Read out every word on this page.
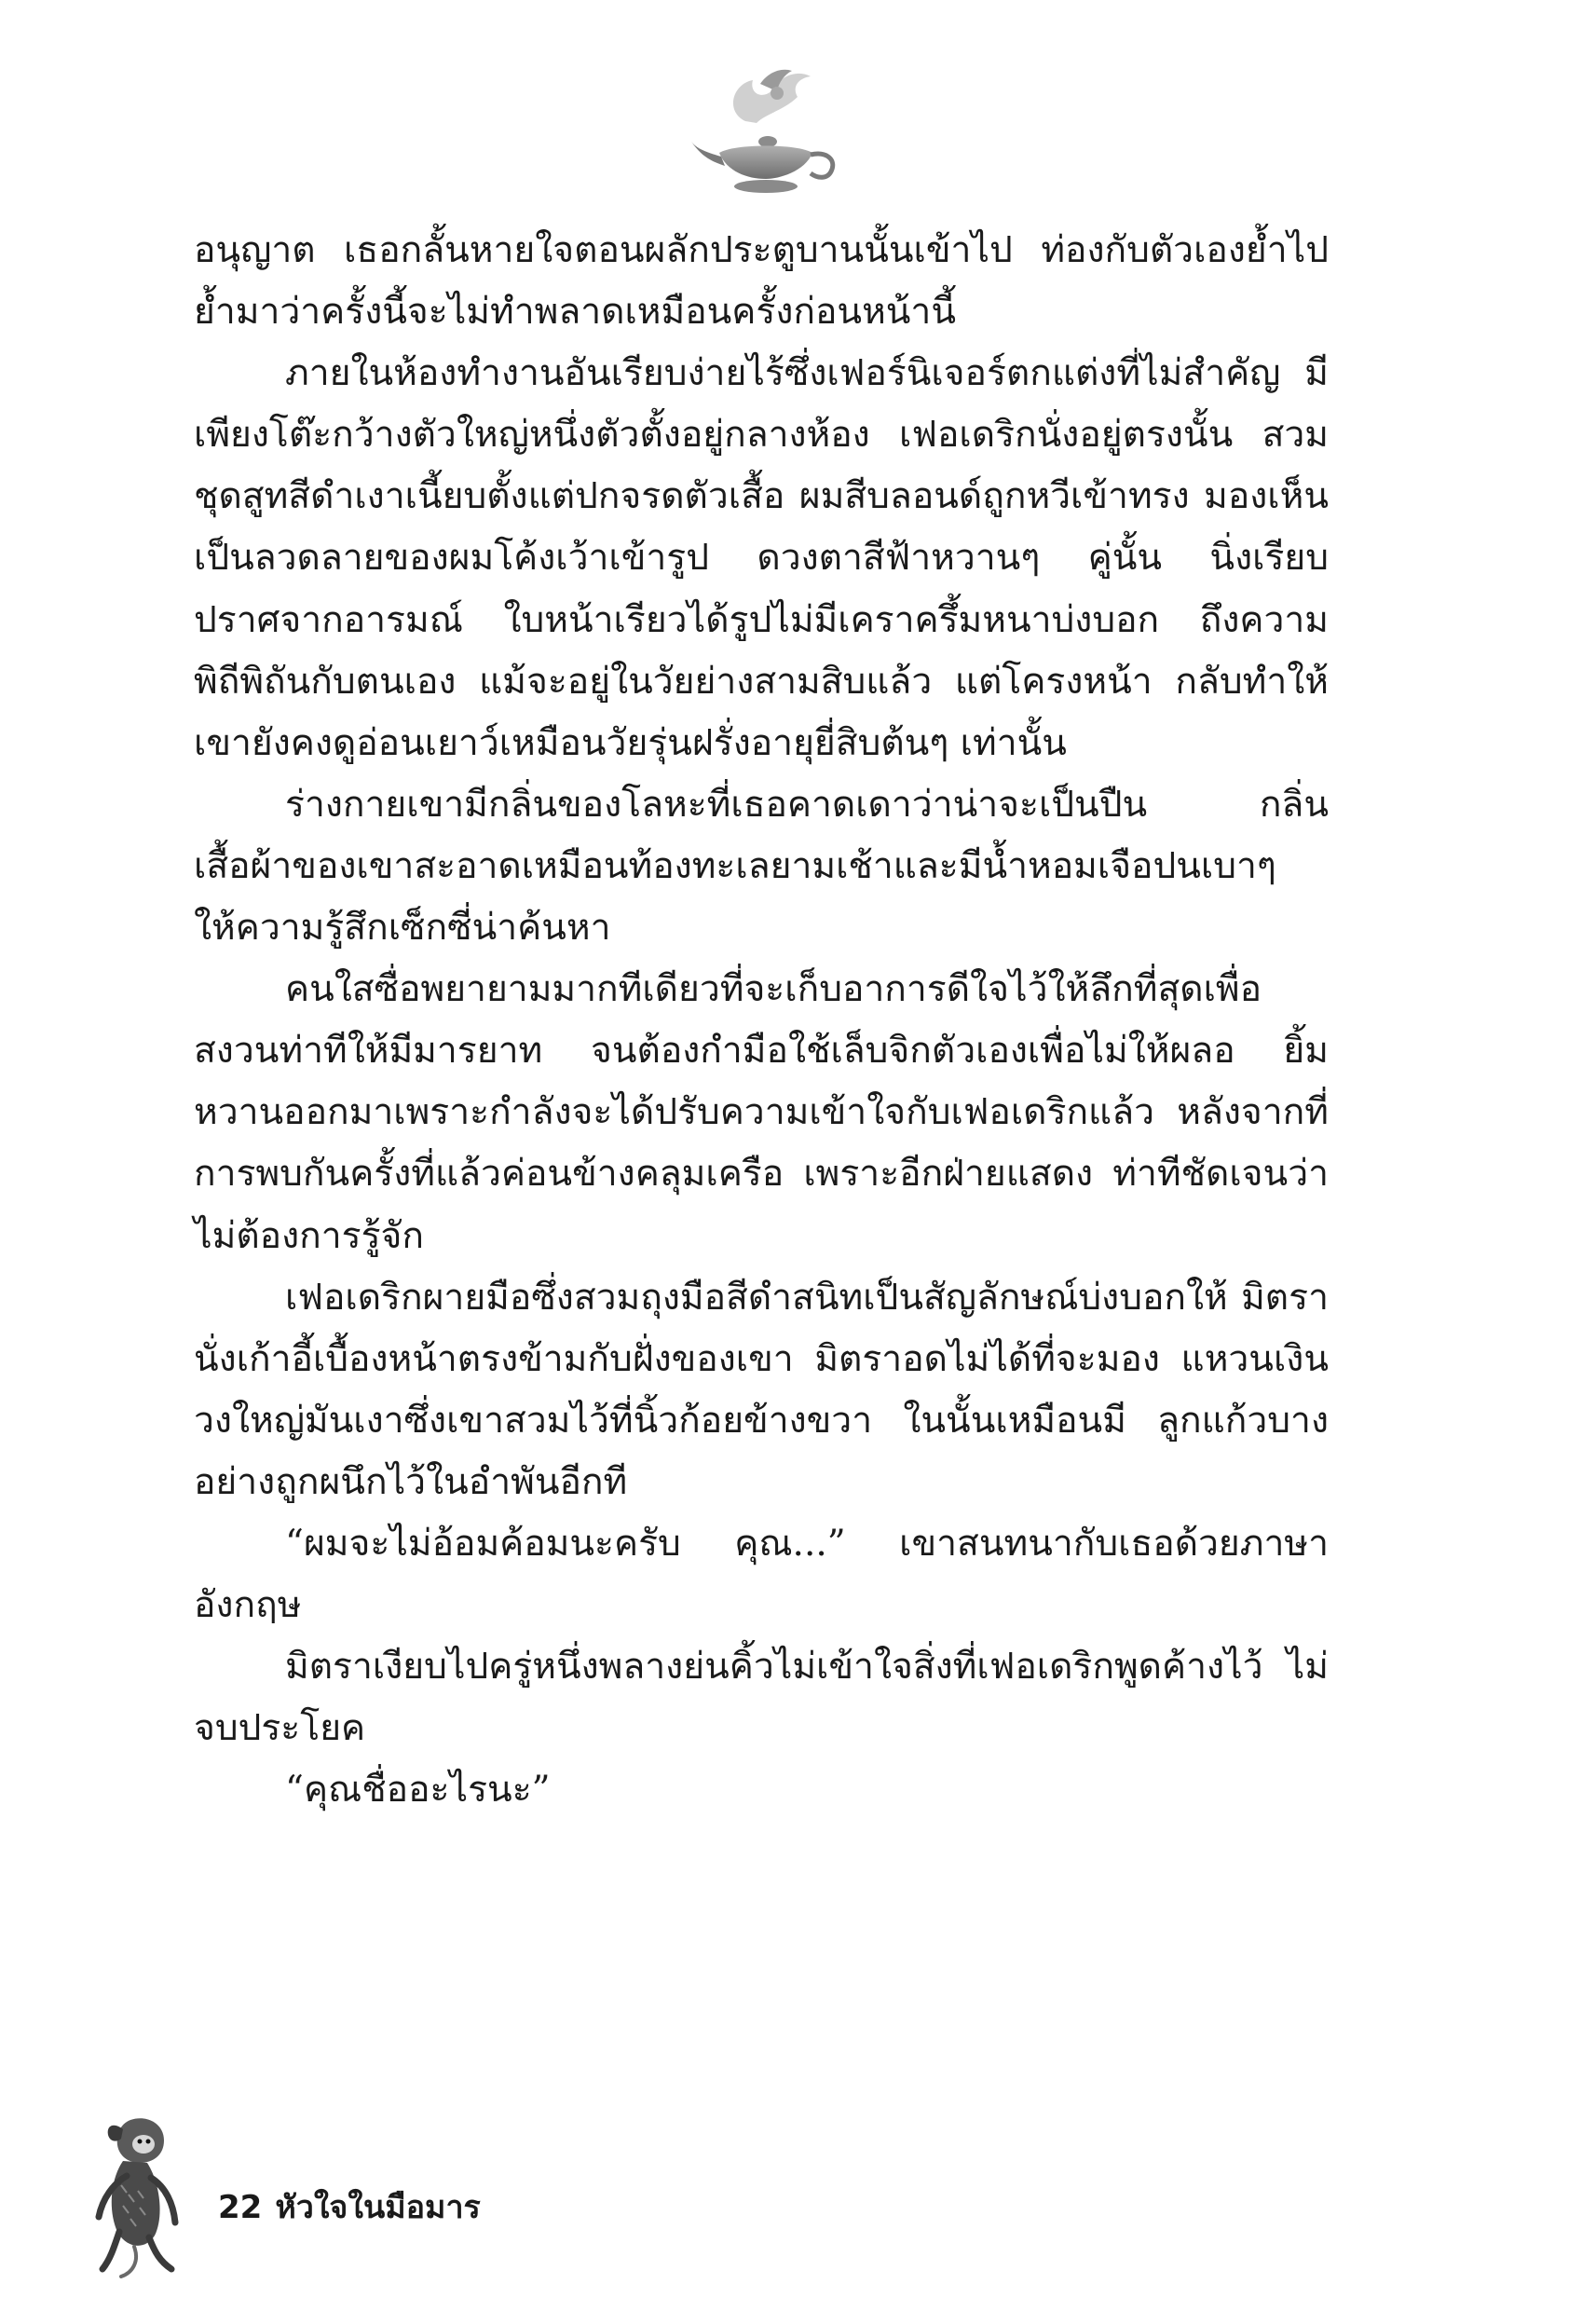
อนุญาต เธอกลั้นหายใจตอนผลักประตูบานนั้นเข้าไป ท่องกับตัวเองย้ำไปย้ำมาว่าครั้งนี้จะไม่ทำพลาดเหมือนครั้งก่อนหน้านี้

ภายในห้องทำงานอันเรียบง่ายไร้ซึ่งเฟอร์นิเจอร์ตกแต่งที่ไม่สำคัญ มีเพียงโต๊ะกว้างตัวใหญ่หนึ่งตัวตั้งอยู่กลางห้อง เฟอเดริกนั่งอยู่ตรงนั้น สวมชุดสูทสีดำเงาเนี้ยบตั้งแต่ปกจรดตัวเสื้อ ผมสีบลอนด์ถูกหวีเข้าทรง มองเห็นเป็นลวดลายของผมโค้งเว้าเข้ารูป ดวงตาสีฟ้าหวานๆ คู่นั้น นิ่งเรียบปราศจากอารมณ์ ใบหน้าเรียวได้รูปไม่มีเคราครึ้มหนาบ่งบอก ถึงความพิถีพิถันกับตนเอง แม้จะอยู่ในวัยย่างสามสิบแล้ว แต่โครงหน้า กลับทำให้เขายังคงดูอ่อนเยาว์เหมือนวัยรุ่นฝรั่งอายุยี่สิบต้นๆ เท่านั้น

ร่างกายเขามีกลิ่นของโลหะที่เธอคาดเดาว่าน่าจะเป็นปืน กลิ่น เสื้อผ้าของเขาสะอาดเหมือนท้องทะเลยามเช้าและมีน้ำหอมเจือปนเบาๆ ให้ความรู้สึกเซ็กซี่น่าค้นหา

คนใสซื่อพยายามมากทีเดียวที่จะเก็บอาการดีใจไว้ให้ลึกที่สุดเพื่อ สงวนท่าทีให้มีมารยาท จนต้องกำมือใช้เล็บจิกตัวเองเพื่อไม่ให้ผลอ ยิ้มหวานออกมาเพราะกำลังจะได้ปรับความเข้าใจกับเฟอเดริกแล้ว หลังจากที่การพบกันครั้งที่แล้วค่อนข้างคลุมเครือ เพราะอีกฝ่ายแสดง ท่าทีชัดเจนว่าไม่ต้องการรู้จัก

เฟอเดริกผายมือซึ่งสวมถุงมือสีดำสนิทเป็นสัญลักษณ์บ่งบอกให้ มิตรานั่งเก้าอี้เบื้องหน้าตรงข้ามกับฝั่งของเขา มิตราอดไม่ได้ที่จะมอง แหวนเงินวงใหญ่มันเงาซึ่งเขาสวมไว้ที่นิ้วก้อยข้างขวา ในนั้นเหมือนมี ลูกแก้วบางอย่างถูกผนึกไว้ในอำพันอีกที

“ผมจะไม่อ้อมค้อมนะครับ คุณ...” เขาสนทนากับเธอด้วยภาษา อังกฤษ

มิตราเงียบไปครู่หนึ่งพลางย่นคิ้วไม่เข้าใจสิ่งที่เฟอเดริกพูดค้างไว้ ไม่จบประโยค

“คุณชื่ออะไรนะ”

22 หัวใจในมือมาร
